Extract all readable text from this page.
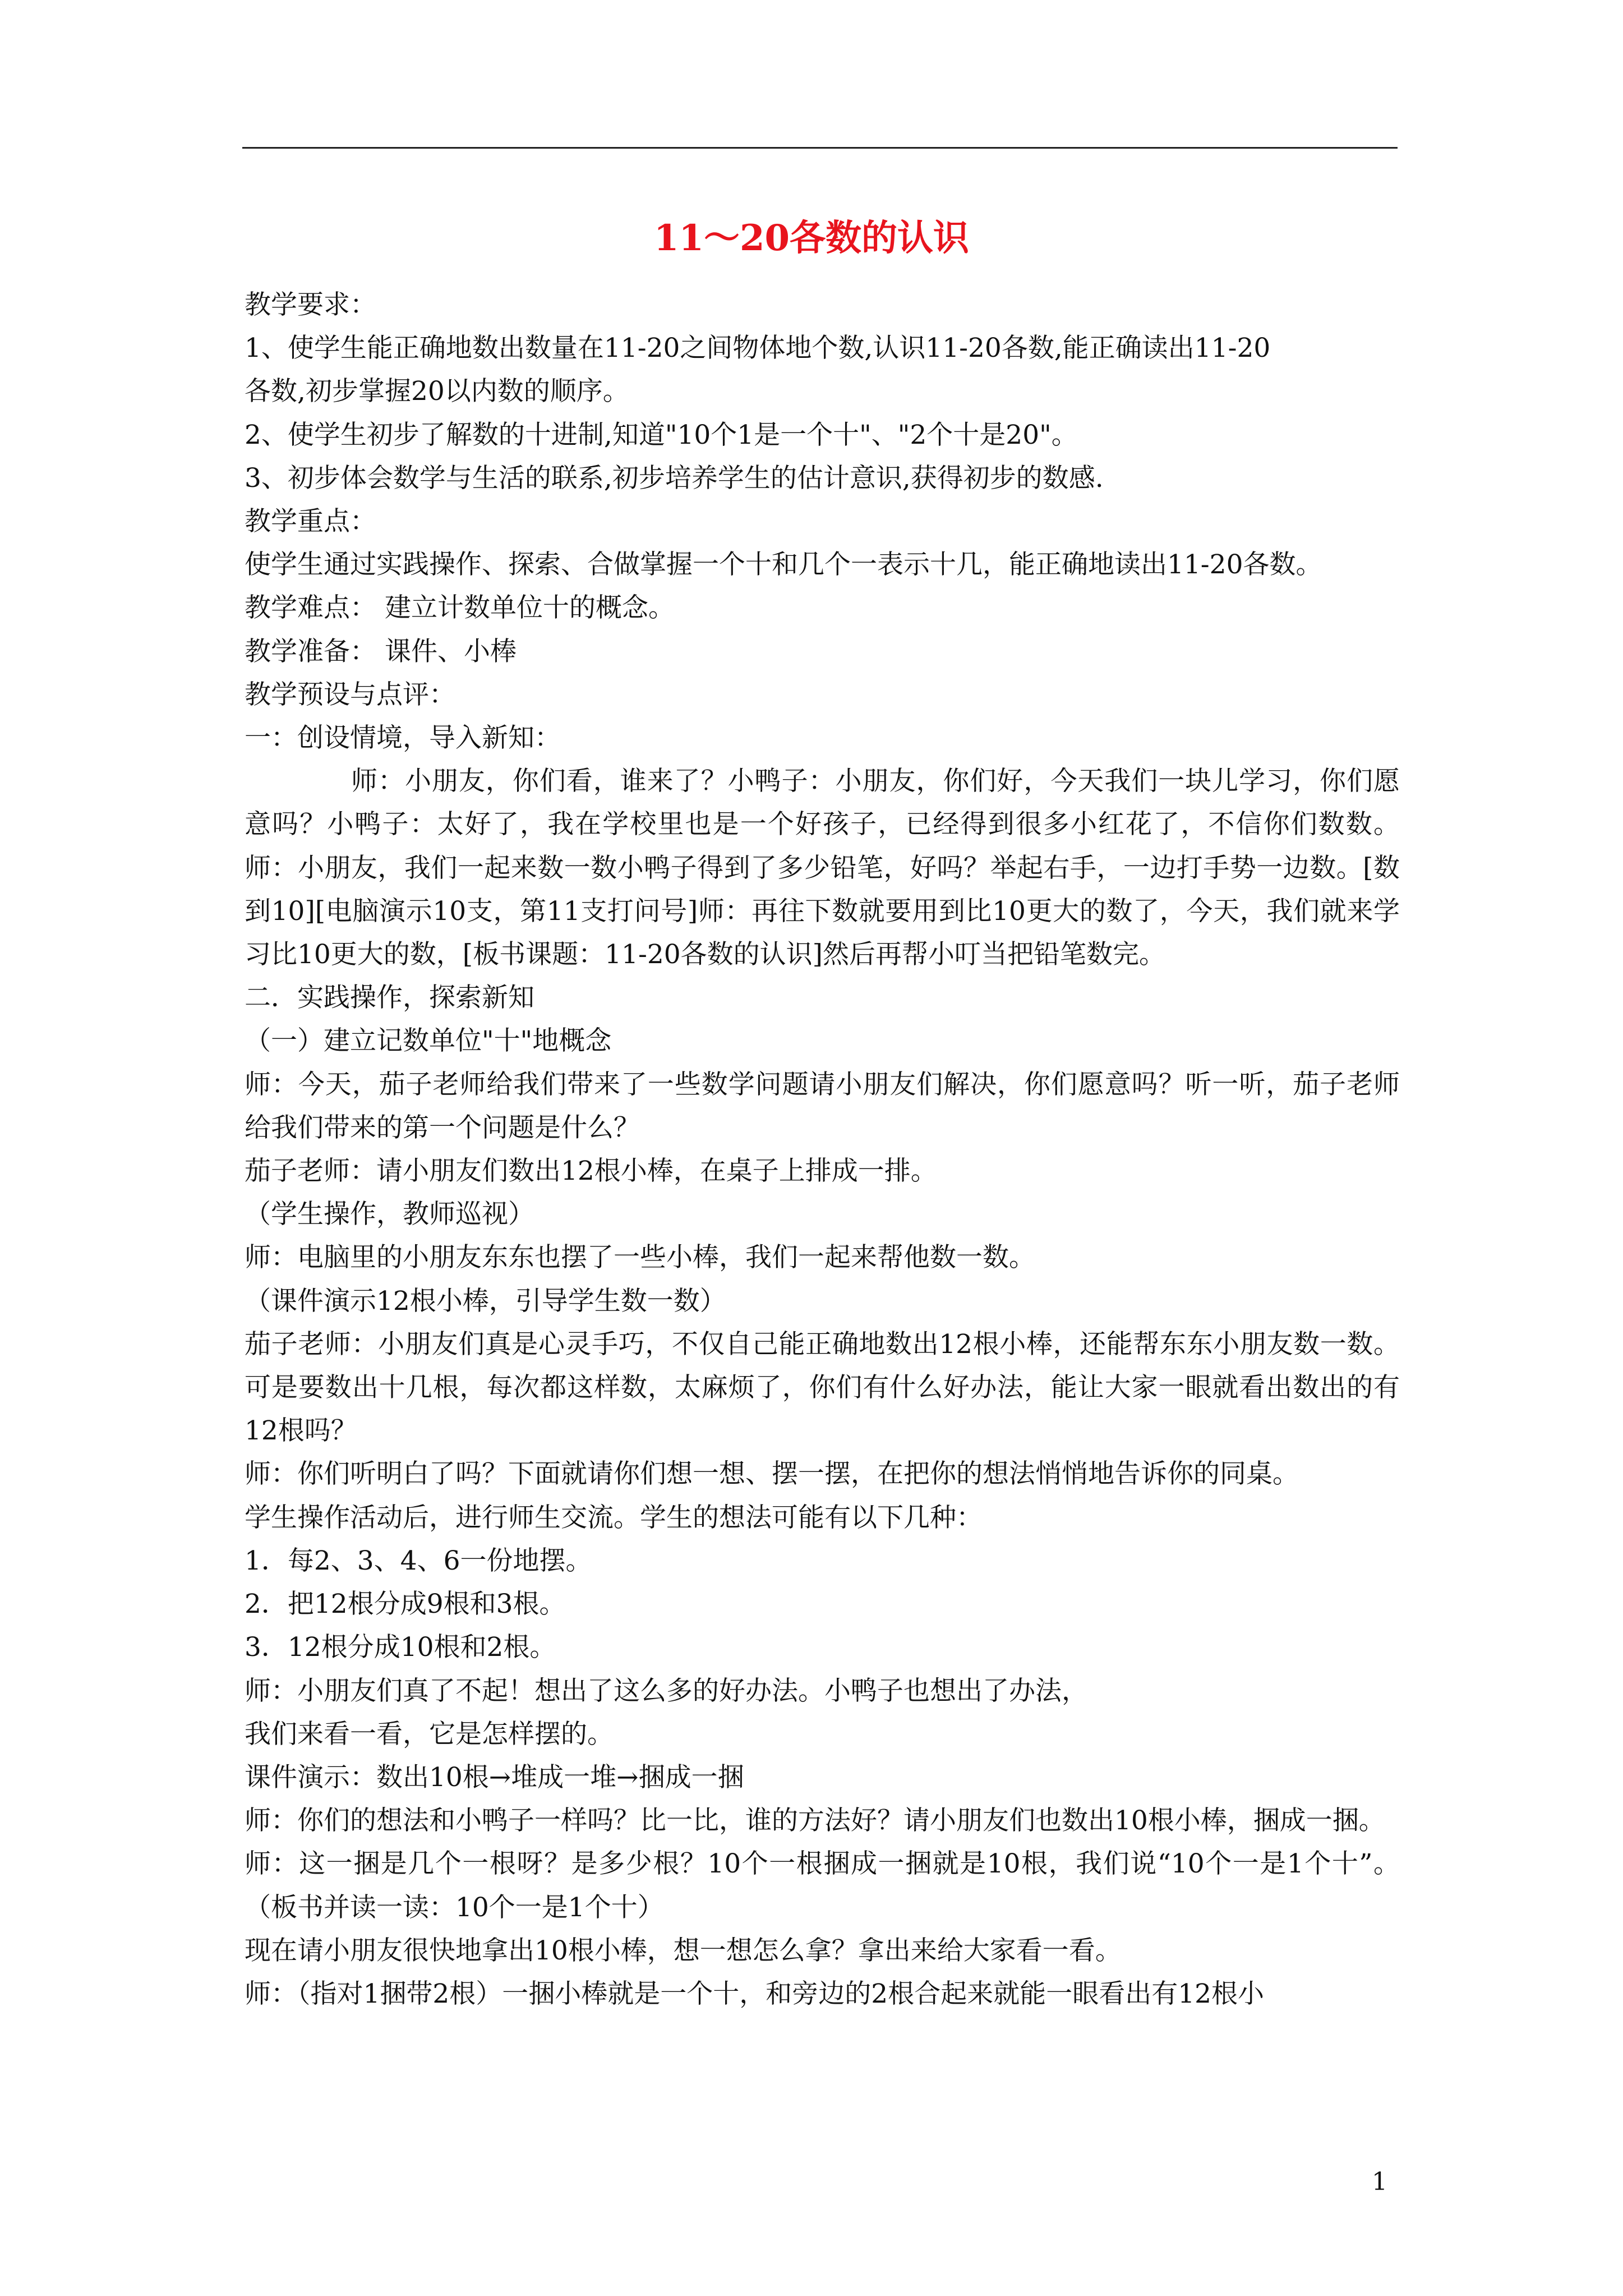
11～20各数的认识
教学要求：
1、使学生能正确地数出数量在11-20之间物体地个数,认识11-20各数,能正确读出11-20
各数,初步掌握20以内数的顺序。
2、使学生初步了解数的十进制,知道"10个1是一个十"、"2个十是20"。
3、初步体会数学与生活的联系,初步培养学生的估计意识,获得初步的数感.
教学重点：
使学生通过实践操作、探索、合做掌握一个十和几个一表示十几，能正确地读出11-20各数。
教学难点： 建立计数单位十的概念。
教学准备： 课件、小棒
教学预设与点评：
一：创设情境，导入新知：
师：小朋友，你们看，谁来了？小鸭子：小朋友，你们好，今天我们一块儿学习，你们愿意吗？小鸭子：太好了，我在学校里也是一个好孩子，已经得到很多小红花了，不信你们数数。师：小朋友，我们一起来数一数小鸭子得到了多少铅笔，好吗？举起右手，一边打手势一边数。[数到10][电脑演示10支，第11支打问号]师：再往下数就要用到比10更大的数了，今天，我们就来学习比10更大的数，[板书课题：11-20各数的认识]然后再帮小叮当把铅笔数完。
二．实践操作，探索新知
（一）建立记数单位"十"地概念
师：今天，茄子老师给我们带来了一些数学问题请小朋友们解决，你们愿意吗？听一听，茄子老师给我们带来的第一个问题是什么？
茄子老师：请小朋友们数出12根小棒，在桌子上排成一排。
（学生操作，教师巡视）
师：电脑里的小朋友东东也摆了一些小棒，我们一起来帮他数一数。
（课件演示12根小棒，引导学生数一数）
茄子老师：小朋友们真是心灵手巧，不仅自己能正确地数出12根小棒，还能帮东东小朋友数一数。可是要数出十几根，每次都这样数，太麻烦了，你们有什么好办法，能让大家一眼就看出数出的有12根吗？
师：你们听明白了吗？下面就请你们想一想、摆一摆，在把你的想法悄悄地告诉你的同桌。
学生操作活动后，进行师生交流。学生的想法可能有以下几种：
1．每2、3、4、6一份地摆。
2．把12根分成9根和3根。
3．12根分成10根和2根。
师：小朋友们真了不起！想出了这么多的好办法。小鸭子也想出了办法，
我们来看一看，它是怎样摆的。
课件演示：数出10根→堆成一堆→捆成一捆
师：你们的想法和小鸭子一样吗？比一比，谁的方法好？请小朋友们也数出10根小棒，捆成一捆。
师：这一捆是几个一根呀？是多少根？10个一根捆成一捆就是10根，我们说“10个一是1个十”。（板书并读一读：10个一是1个十）
现在请小朋友很快地拿出10根小棒，想一想怎么拿？拿出来给大家看一看。
师：（指对1捆带2根）一捆小棒就是一个十，和旁边的2根合起来就能一眼看出有12根小
1
